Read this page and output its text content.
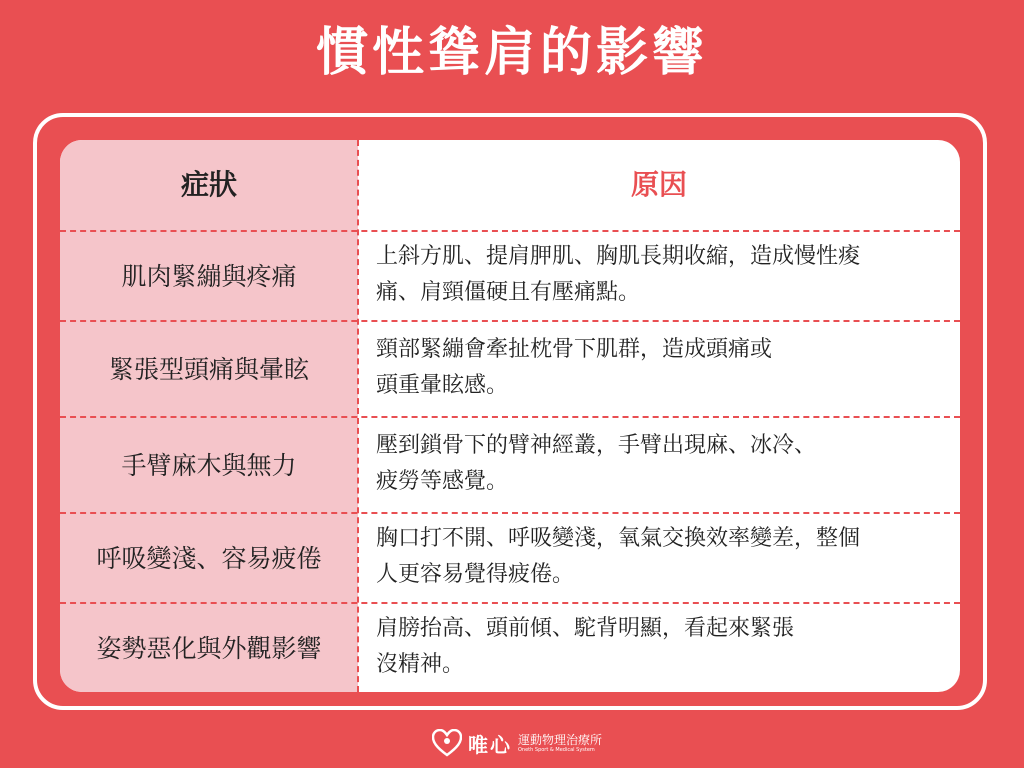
慣性聳肩的影響
症狀	原因
肌肉緊繃與疼痛
上斜方肌、提肩胛肌、胸肌長期收縮，造成慢性痠
痛、肩頸僵硬且有壓痛點。
緊張型頭痛與暈眩
頸部緊繃會牽扯枕骨下肌群，造成頭痛或
頭重暈眩感。
手臂麻木與無力
壓到鎖骨下的臂神經叢，手臂出現麻、冰冷、
疲勞等感覺。
呼吸變淺、容易疲倦
胸口打不開、呼吸變淺，氧氣交換效率變差，整個
人更容易覺得疲倦。
姿勢惡化與外觀影響
肩膀抬高、頭前傾、駝背明顯，看起來緊張
沒精神。
唯心 運動物理治療所
Oneth Sport & Medical System
